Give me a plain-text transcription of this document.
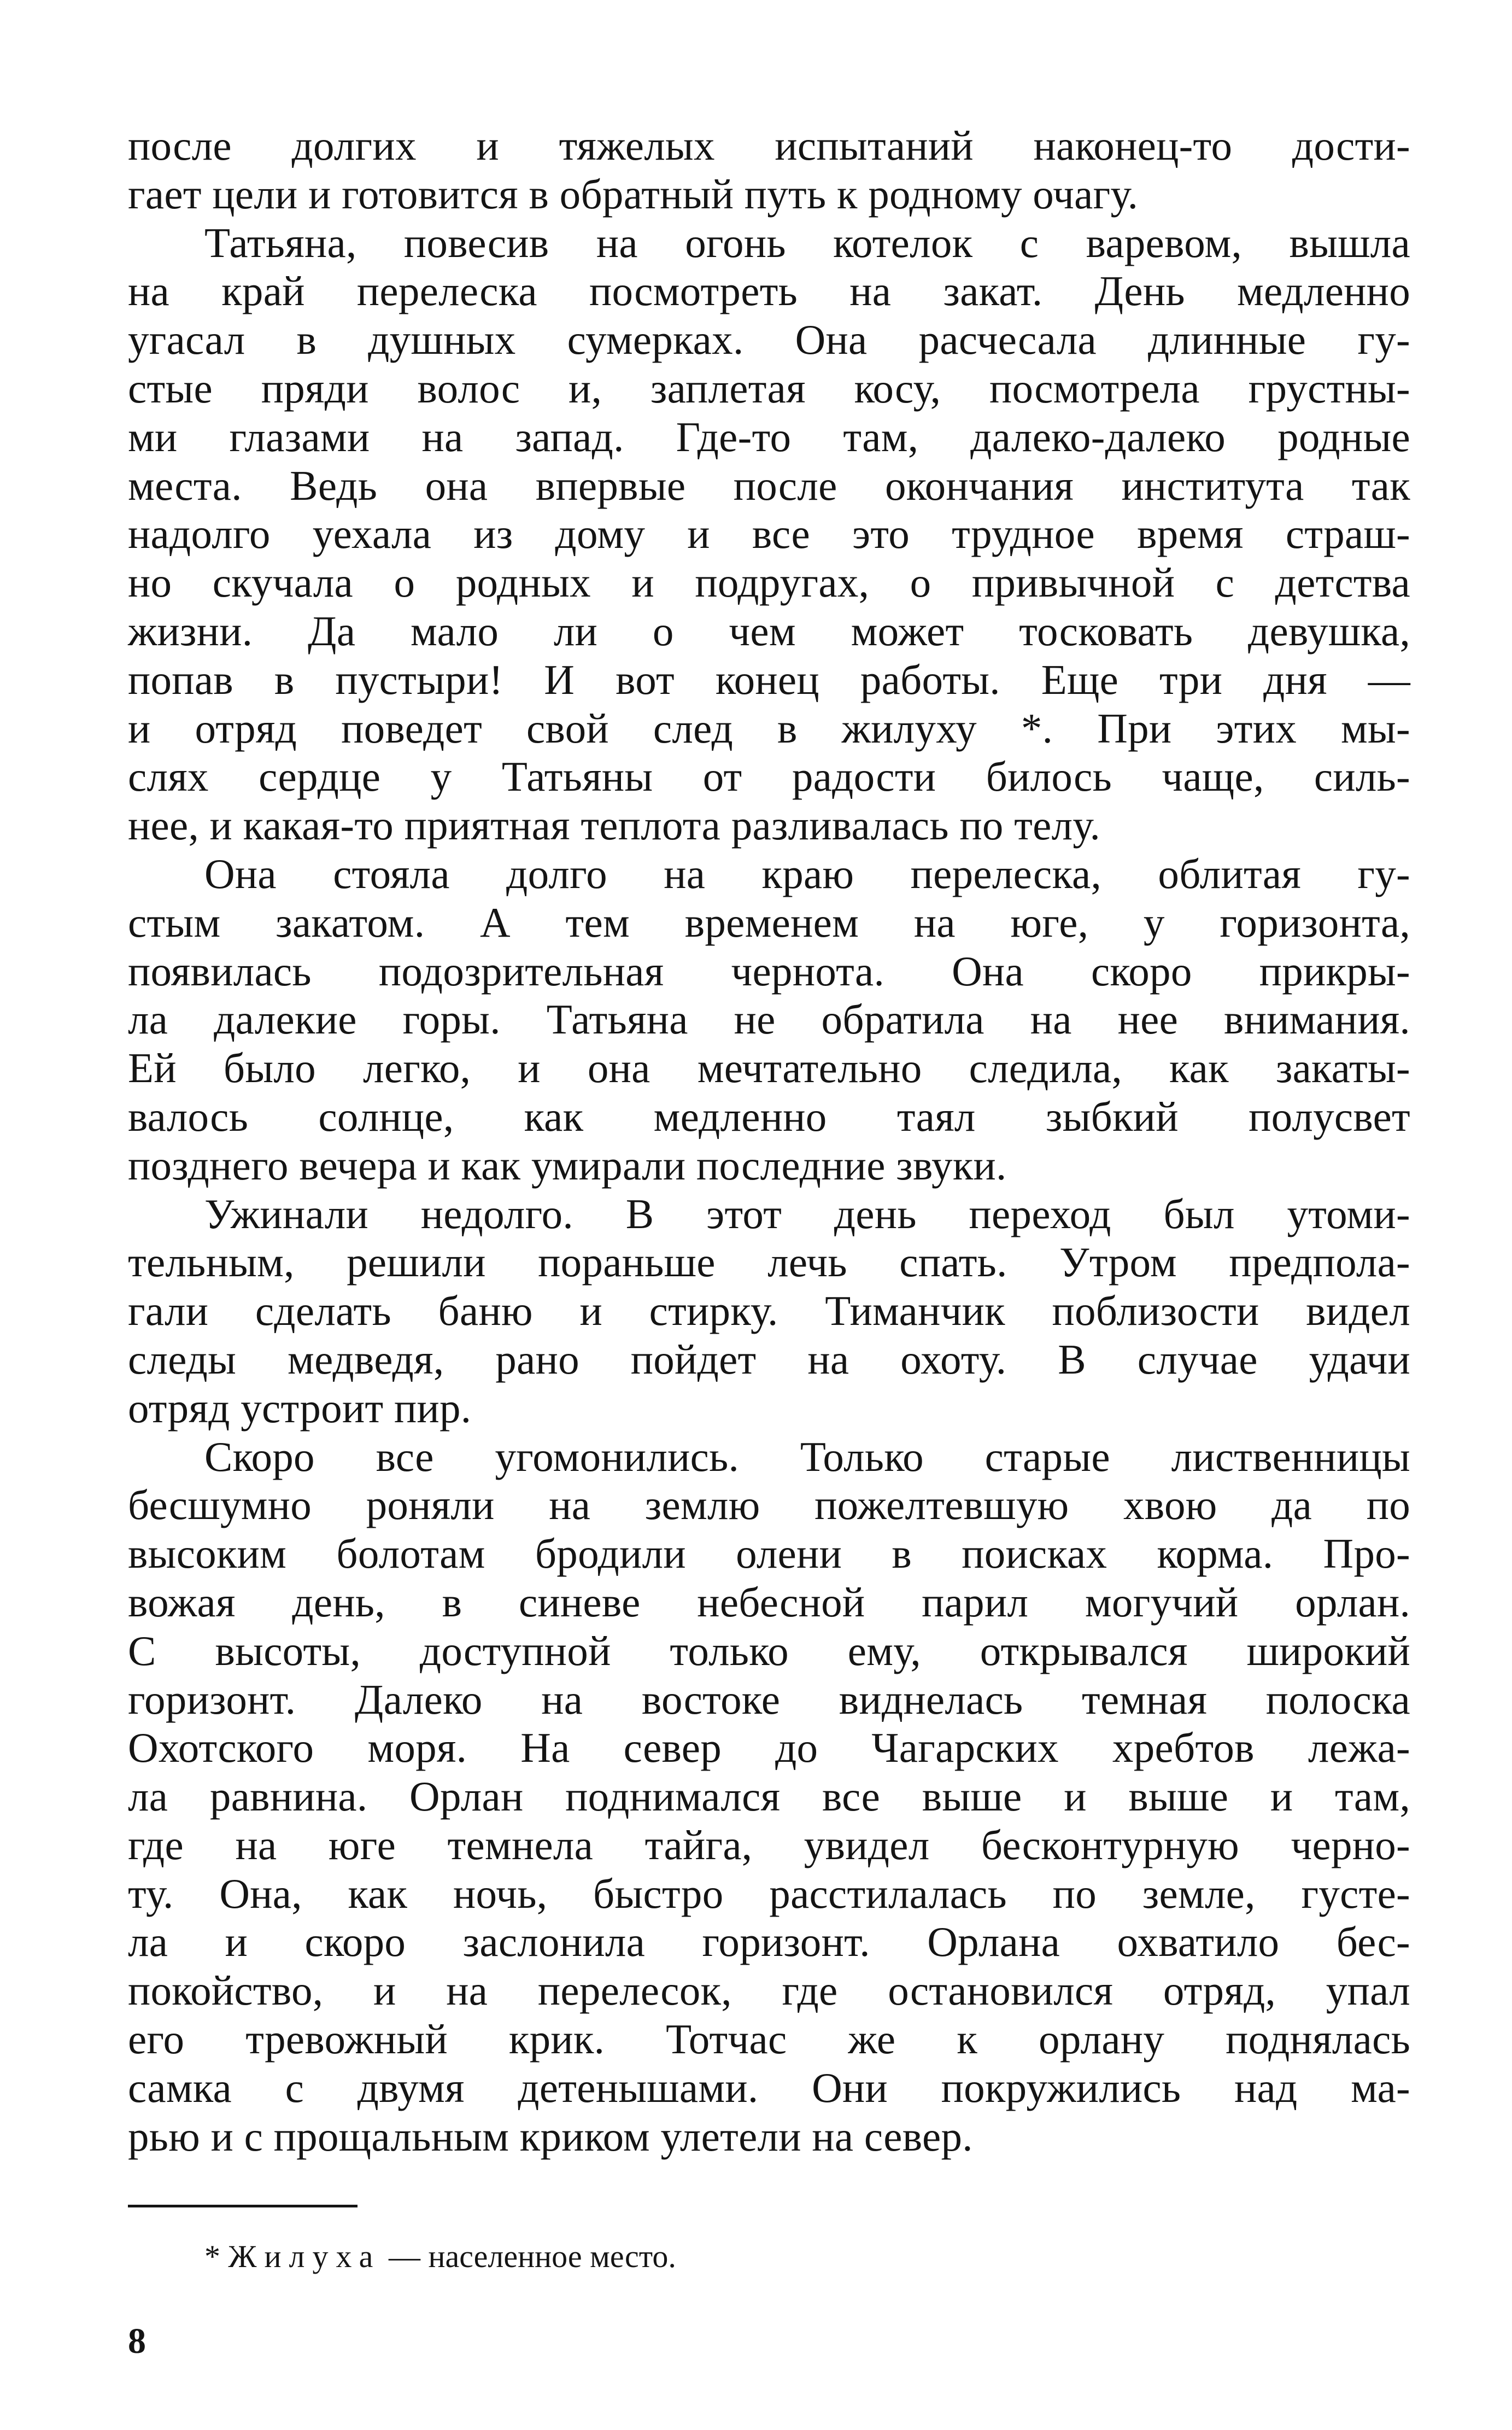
после долгих и тяжелых испытаний наконец-то дости-
гает цели и готовится в обратный путь к родному очагу.
Татьяна, повесив на огонь котелок с варевом, вышла
на край перелеска посмотреть на закат. День медленно
угасал в душных сумерках. Она расчесала длинные гу-
стые пряди волос и, заплетая косу, посмотрела грустны-
ми глазами на запад. Где-то там, далеко-далеко родные
места. Ведь она впервые после окончания института так
надолго уехала из дому и все это трудное время страш-
но скучала о родных и подругах, о привычной с детства
жизни. Да мало ли о чем может тосковать девушка,
попав в пустыри! И вот конец работы. Еще три дня —
и отряд поведет свой след в жилуху *. При этих мы-
слях сердце у Татьяны от радости билось чаще, силь-
нее, и какая-то приятная теплота разливалась по телу.
Она стояла долго на краю перелеска, облитая гу-
стым закатом. А тем временем на юге, у горизонта,
появилась подозрительная чернота. Она скоро прикры-
ла далекие горы. Татьяна не обратила на нее внимания.
Ей было легко, и она мечтательно следила, как закаты-
валось солнце, как медленно таял зыбкий полусвет
позднего вечера и как умирали последние звуки.
Ужинали недолго. В этот день переход был утоми-
тельным, решили пораньше лечь спать. Утром предпола-
гали сделать баню и стирку. Тиманчик поблизости видел
следы медведя, рано пойдет на охоту. В случае удачи
отряд устроит пир.
Скоро все угомонились. Только старые лиственницы
бесшумно роняли на землю пожелтевшую хвою да по
высоким болотам бродили олени в поисках корма. Про-
вожая день, в синеве небесной парил могучий орлан.
С высоты, доступной только ему, открывался широкий
горизонт. Далеко на востоке виднелась темная полоска
Охотского моря. На север до Чагарских хребтов лежа-
ла равнина. Орлан поднимался все выше и выше и там,
где на юге темнела тайга, увидел бесконтурную черно-
ту. Она, как ночь, быстро расстилалась по земле, густе-
ла и скоро заслонила горизонт. Орлана охватило бес-
покойство, и на перелесок, где остановился отряд, упал
его тревожный крик. Тотчас же к орлану поднялась
самка с двумя детенышами. Они покружились над ма-
рью и с прощальным криком улетели на север.
* Жилуха — населенное место.
8
